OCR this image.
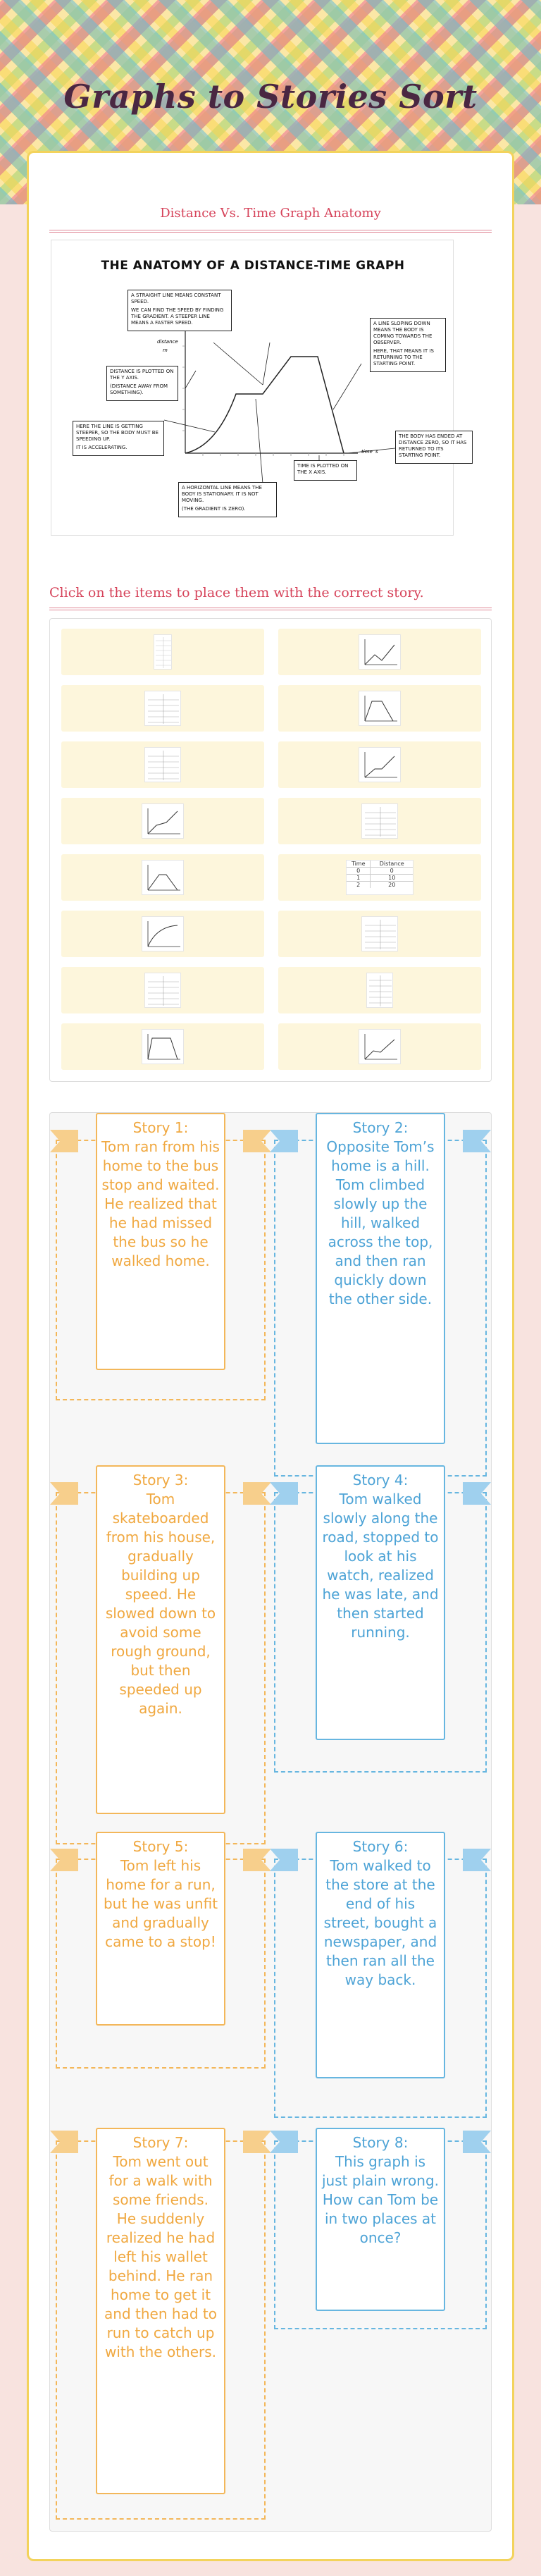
Graphs to Stories Sort
Distance Vs. Time Graph Anatomy
THE ANATOMY OF A DISTANCE-TIME GRAPH
distance
m
time s
A STRAIGHT LINE MEANS CONSTANT SPEED.
WE CAN FIND THE SPEED BY FINDING THE GRADIENT. A STEEPER LINE MEANS A FASTER SPEED.
DISTANCE IS PLOTTED ON THE Y AXIS.
(DISTANCE AWAY FROM SOMETHING).
HERE THE LINE IS GETTING STEEPER, SO THE BODY MUST BE SPEEDING UP.
IT IS ACCELERATING.
A HORIZONTAL LINE MEANS THE BODY IS STATIONARY. IT IS NOT MOVING.
(THE GRADIENT IS ZERO).
TIME IS PLOTTED ON THE X AXIS.
A LINE SLOPING DOWN MEANS THE BODY IS COMING TOWARDS THE OBSERVER.
HERE, THAT MEANS IT IS RETURNING TO THE STARTING POINT.
THE BODY HAS ENDED AT DISTANCE ZERO, SO IT HAS RETURNED TO ITS STARTING POINT.
Click on the items to place them with the correct story.
Time	Distance
0	0
1	10
2	20
Story 1:
Tom ran from his home to the bus stop and waited. He realized that he had missed the bus so he walked home.
Story 2:
Opposite Tom’s home is a hill. Tom climbed slowly up the hill, walked across the top, and then ran quickly down the other side.
Story 3:
Tom skateboarded from his house, gradually building up speed. He slowed down to avoid some rough ground, but then speeded up again.
Story 4:
Tom walked slowly along the road, stopped to look at his watch, realized he was late, and then started running.
Story 5:
Tom left his home for a run, but he was unfit and gradually came to a stop!
Story 6:
Tom walked to the store at the end of his street, bought a newspaper, and then ran all the way back.
Story 7:
Tom went out for a walk with some friends. He suddenly realized he had left his wallet behind. He ran home to get it and then had to run to catch up with the others.
Story 8:
This graph is just plain wrong. How can Tom be in two places at once?
